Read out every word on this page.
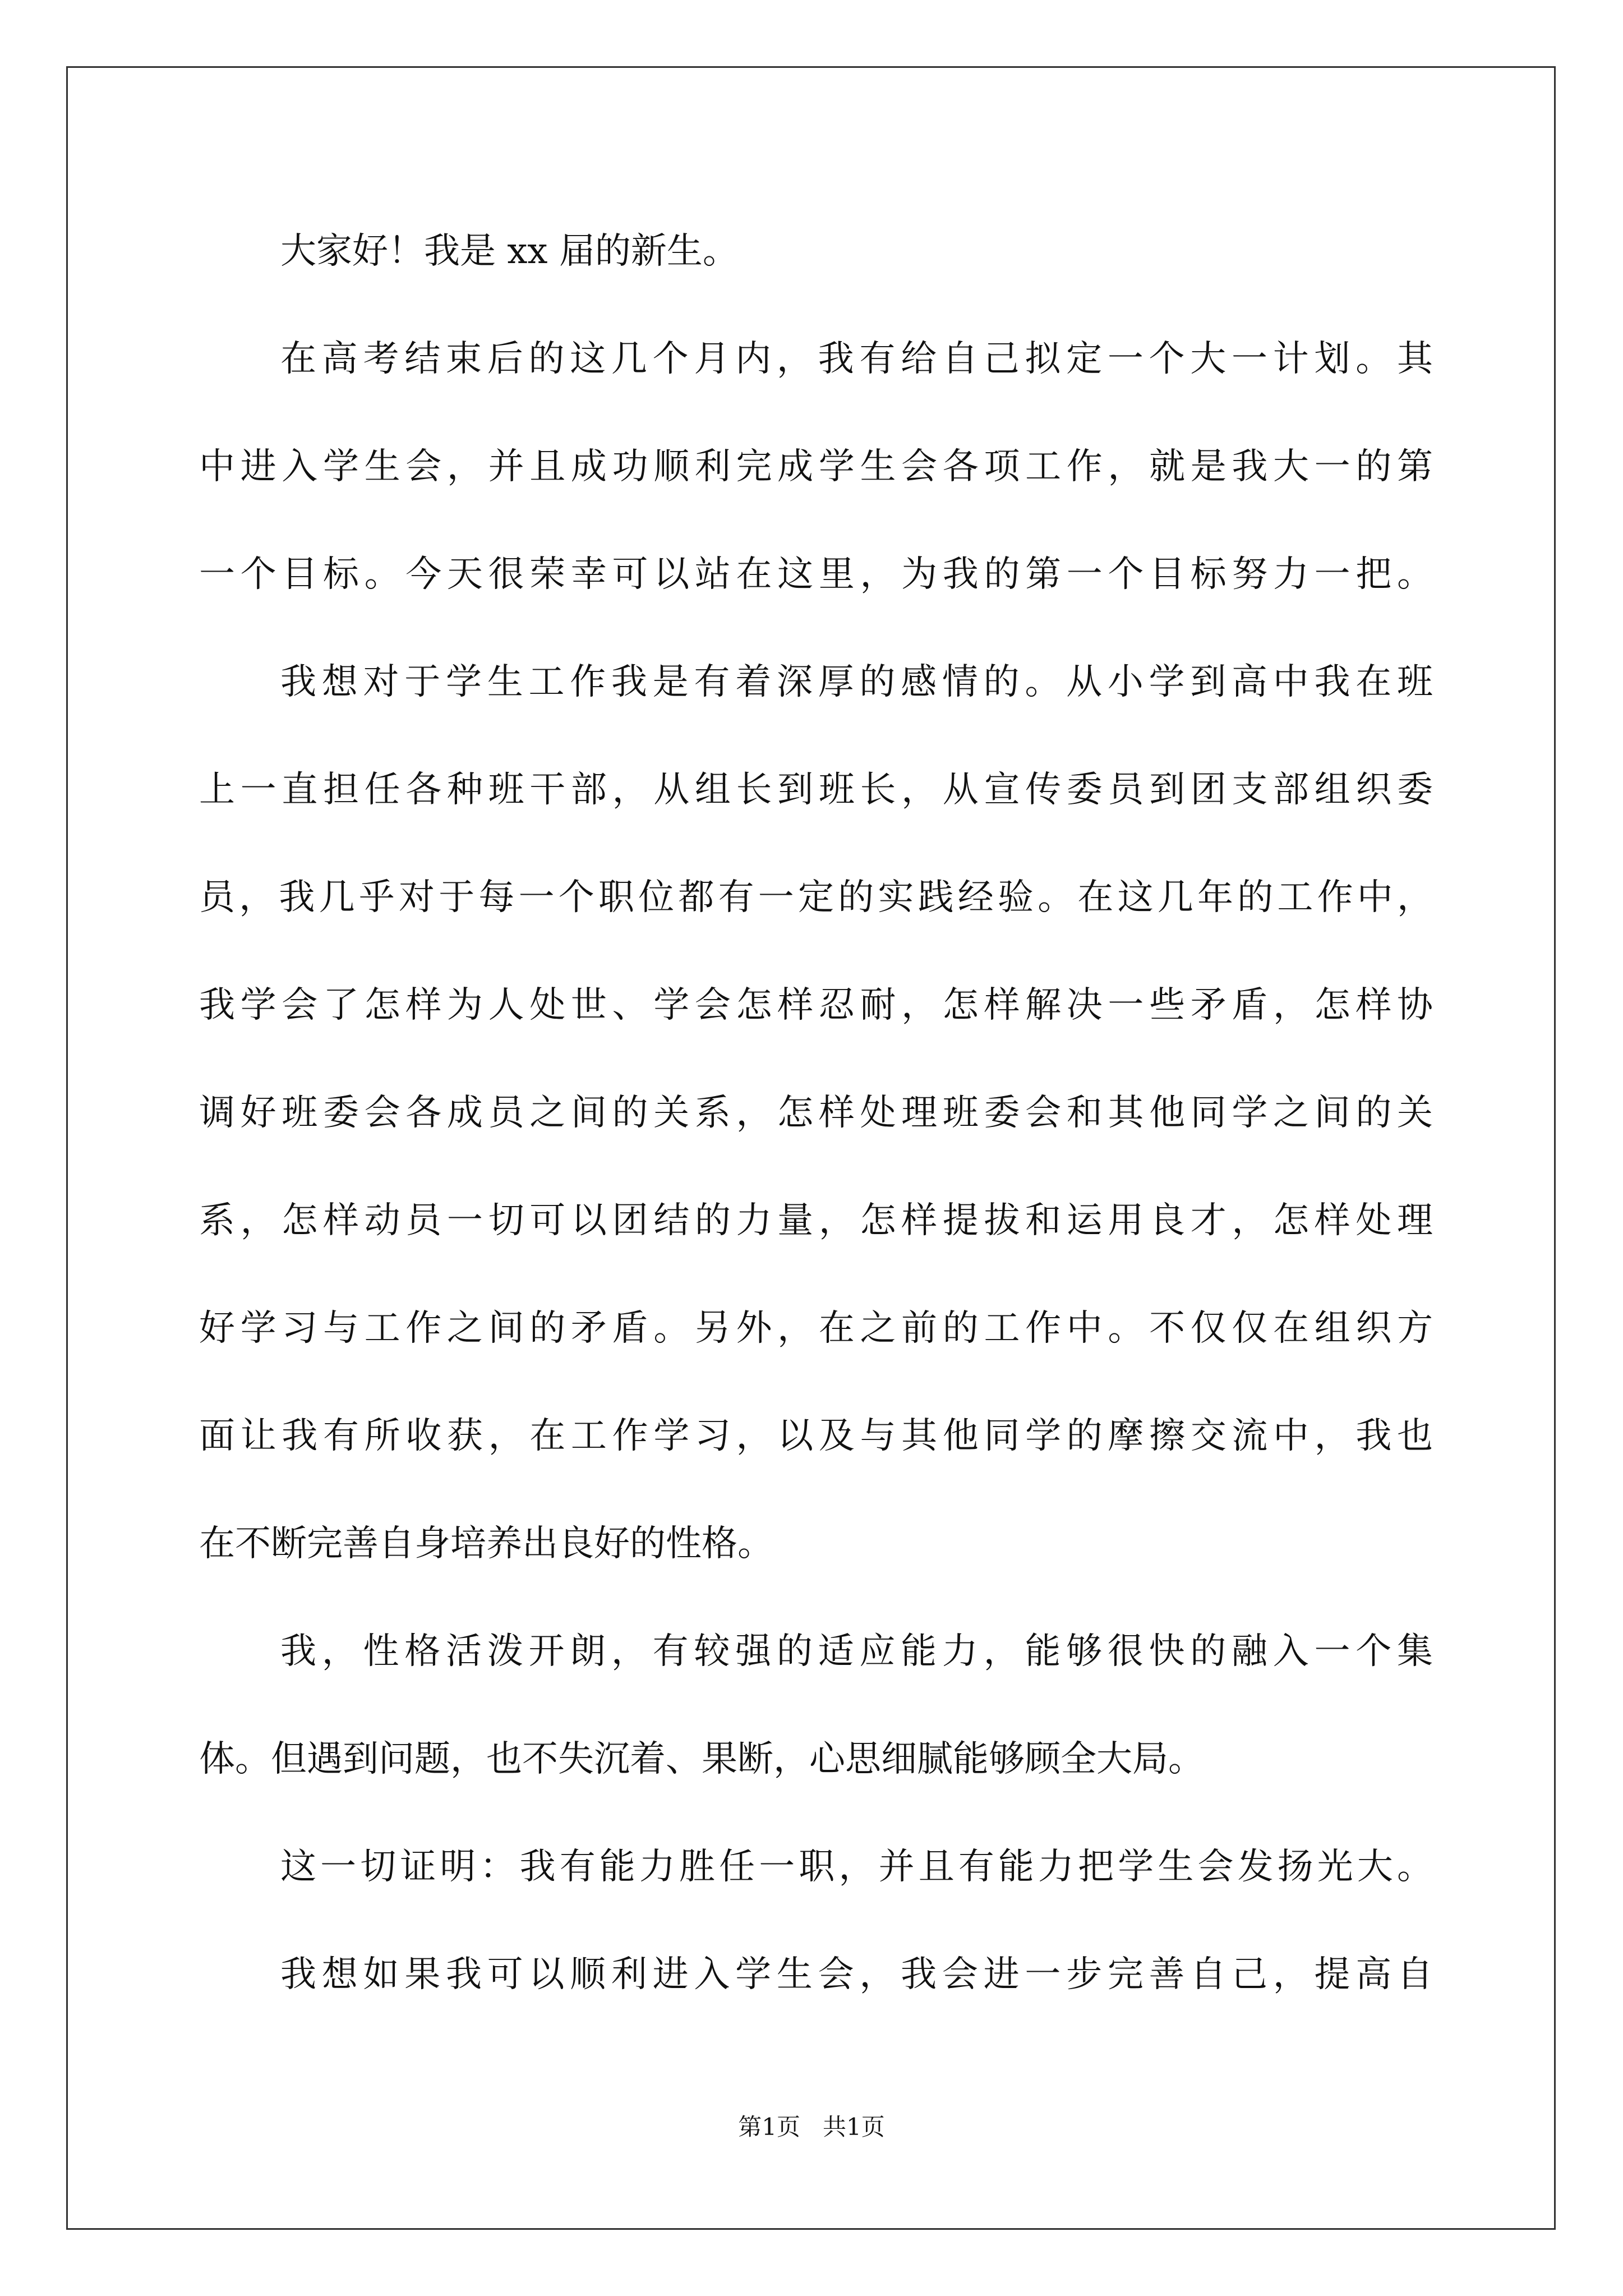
大家好！我是 xx 届的新生。
在高考结束后的这几个月内，我有给自己拟定一个大一计划。其
中进入学生会，并且成功顺利完成学生会各项工作，就是我大一的第
一个目标。今天很荣幸可以站在这里，为我的第一个目标努力一把。
我想对于学生工作我是有着深厚的感情的。从小学到高中我在班
上一直担任各种班干部，从组长到班长，从宣传委员到团支部组织委
员，我几乎对于每一个职位都有一定的实践经验。在这几年的工作中，
我学会了怎样为人处世、学会怎样忍耐，怎样解决一些矛盾，怎样协
调好班委会各成员之间的关系，怎样处理班委会和其他同学之间的关
系，怎样动员一切可以团结的力量，怎样提拔和运用良才，怎样处理
好学习与工作之间的矛盾。另外，在之前的工作中。不仅仅在组织方
面让我有所收获，在工作学习，以及与其他同学的摩擦交流中，我也
在不断完善自身培养出良好的性格。
我，性格活泼开朗，有较强的适应能力，能够很快的融入一个集
体。但遇到问题，也不失沉着、果断，心思细腻能够顾全大局。
这一切证明：我有能力胜任一职，并且有能力把学生会发扬光大。
我想如果我可以顺利进入学生会，我会进一步完善自己，提高自
第1页   共1页
